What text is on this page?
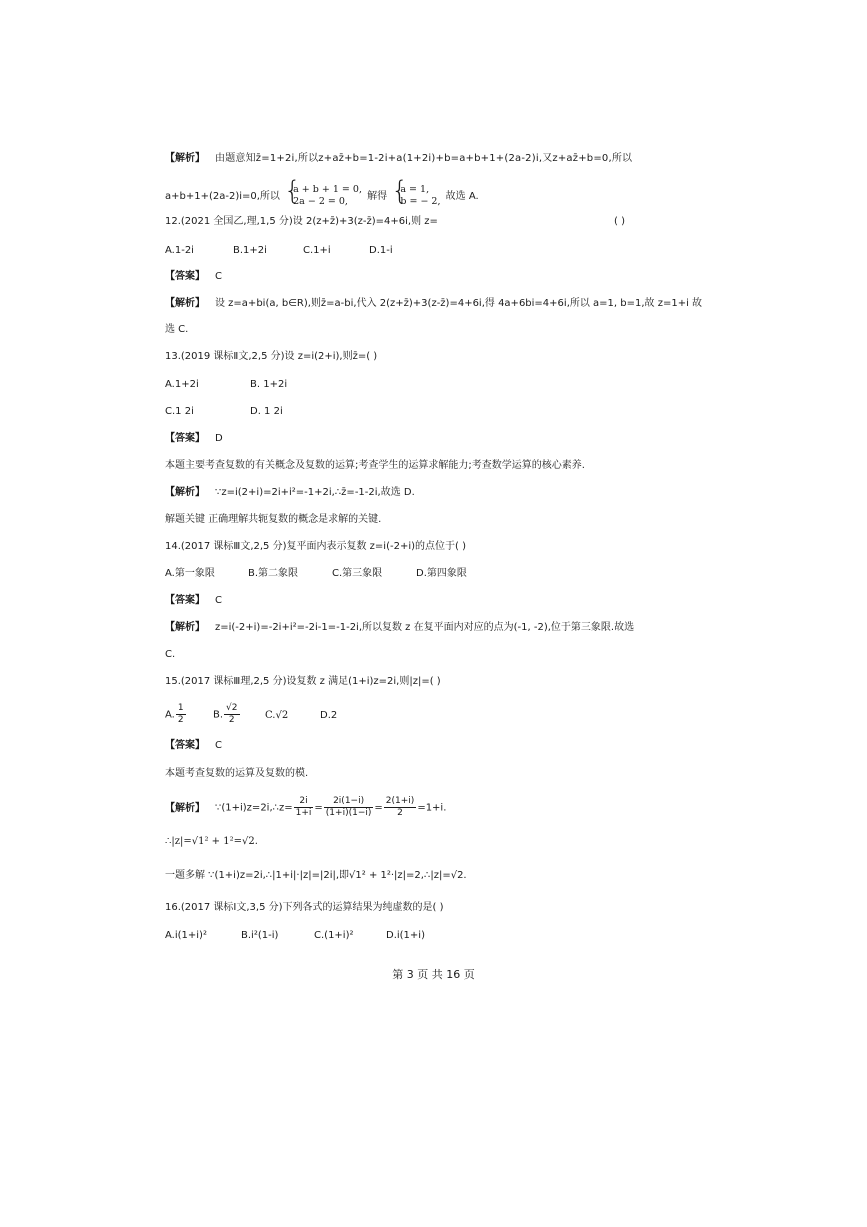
【解析】 由题意知z̄=1+2i,所以z+az̄+b=1-2i+a(1+2i)+b=a+b+1+(2a-2)i,又z+az̄+b=0,所以
a+b+1+(2a-2)i=0,所以
{ a + b + 1 = 0,
2a − 2 = 0,	解得
{ a = 1,
b = − 2, 故选 A.
12.(2021 全国乙,理,1,5 分)设 2(z+z̄)+3(z-z̄)=4+6i,则 z=	( )
A.1-2i	B.1+2i	C.1+i	D.1-i
【答案】 C
【解析】 设 z=a+bi(a, b∈R),则z̄=a-bi,代入 2(z+z̄)+3(z-z̄)=4+6i,得 4a+6bi=4+6i,所以 a=1, b=1,故 z=1+i 故
选 C.
13.(2019 课标Ⅱ文,2,5 分)设 z=i(2+i),则z̄=( )
A.1+2i	B. 1+2i
C.1 2i	D. 1 2i
【答案】 D
本题主要考查复数的有关概念及复数的运算;考查学生的运算求解能力;考查数学运算的核心素养.
【解析】 ∵z=i(2+i)=2i+i²=-1+2i,∴z̄=-1-2i,故选 D.
解题关键 正确理解共轭复数的概念是求解的关键.
14.(2017 课标Ⅲ文,2,5 分)复平面内表示复数 z=i(-2+i)的点位于( )
A.第一象限	B.第二象限	C.第三象限	D.第四象限
【答案】 C
【解析】 z=i(-2+i)=-2i+i²=-2i-1=-1-2i,所以复数 z 在复平面内对应的点为(-1, -2),位于第三象限.故选
C.
15.(2017 课标Ⅲ理,2,5 分)设复数 z 满足(1+i)z=2i,则|z|=( )
A. $\frac{1}{2}$	B. $\frac{√2}{2}$	C.√2	D.2
【答案】 C
本题考查复数的运算及复数的模.
【解析】 ∵(1+i)z=2i,∴z= $\frac{2i}{1+i} = \frac{2i(1-i)}{(1+i)(1-i)} = \frac{2(1+i)}{2} =1+i$.
∴|z|=√1² + 1²=√2.
一题多解 ∵(1+i)z=2i,∴|1+i|·|z|=|2i|,即√1² + 1²·|z|=2,∴|z|=√2.
16.(2017 课标Ⅰ文,3,5 分)下列各式的运算结果为纯虚数的是( )
A.i(1+i)²	B.i²(1-i)	C.(1+i)²	D.i(1+i)
第 3 页 共 16 页
